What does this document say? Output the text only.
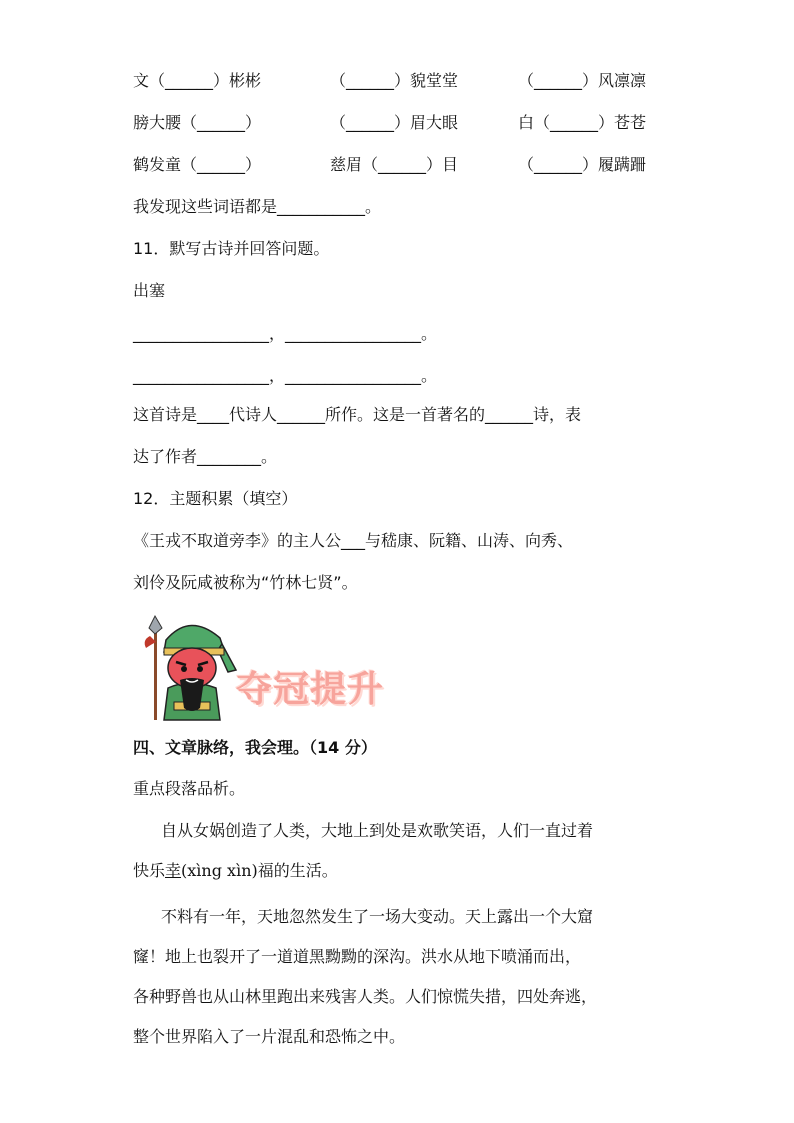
文（______）彬彬	（______）貌堂堂	（______）风凛凛
膀大腰（______）	（______）眉大眼	白（______）苍苍
鹤发童（______）	慈眉（______）目	（______）履蹒跚
我发现这些词语都是___________。
11．默写古诗并回答问题。
出塞
_________________，_________________。
_________________，_________________。
这首诗是____代诗人______所作。这是一首著名的______诗，表
达了作者________。
12．主题积累（填空）
《王戎不取道旁李》的主人公___与嵇康、阮籍、山涛、向秀、
刘伶及阮咸被称为“竹林七贤”。
夺冠提升
四、文章脉络，我会理。（14 分）
重点段落品析。
自从女娲创造了人类，大地上到处是欢歌笑语，人们一直过着
快乐幸(xìng xìn)福的生活。
不料有一年，天地忽然发生了一场大变动。天上露出一个大窟
窿！地上也裂开了一道道黑黝黝的深沟。洪水从地下喷涌而出，
各种野兽也从山林里跑出来残害人类。人们惊慌失措，四处奔逃，
整个世界陷入了一片混乱和恐怖之中。
